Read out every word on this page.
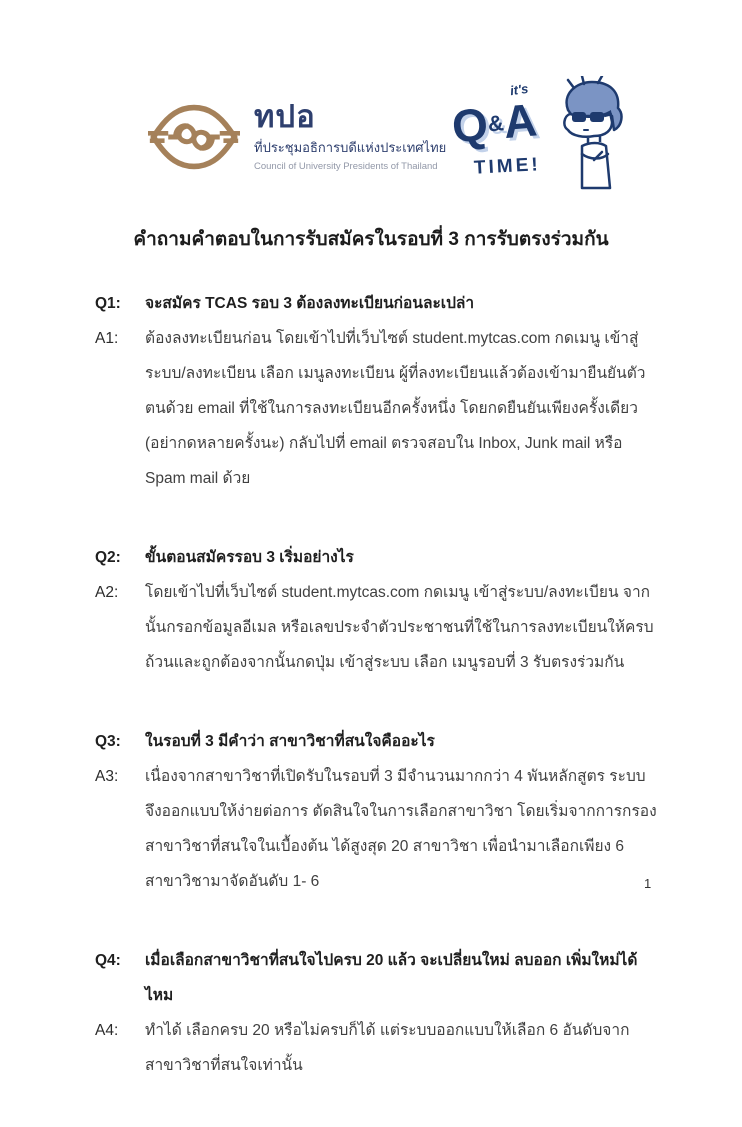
ทปอ
ที่ประชุมอธิการบดีแห่งประเทศไทย
Council of University Presidents of Thailand
it's
Q&A
TIME!
คำถามคำตอบในการรับสมัครในรอบที่ 3 การรับตรงร่วมกัน
Q1:	จะสมัคร TCAS รอบ 3 ต้องลงทะเบียนก่อนละเปล่า
A1:	ต้องลงทะเบียนก่อน โดยเข้าไปที่เว็บไซต์ student.mytcas.com กดเมนู เข้าสู่ระบบ/ลงทะเบียน เลือก เมนูลงทะเบียน ผู้ที่ลงทะเบียนแล้วต้องเข้ามายืนยันตัวตนด้วย email ที่ใช้ในการลงทะเบียนอีกครั้งหนึ่ง โดยกดยืนยันเพียงครั้งเดียว (อย่ากดหลายครั้งนะ) กลับไปที่ email ตรวจสอบใน Inbox, Junk mail หรือ Spam mail ด้วย
Q2:	ขั้นตอนสมัครรอบ 3 เริ่มอย่างไร
A2:	โดยเข้าไปที่เว็บไซต์ student.mytcas.com กดเมนู เข้าสู่ระบบ/ลงทะเบียน จากนั้นกรอกข้อมูลอีเมล หรือเลขประจำตัวประชาชนที่ใช้ในการลงทะเบียนให้ครบถ้วนและถูกต้องจากนั้นกดปุ่ม เข้าสู่ระบบ เลือก เมนูรอบที่ 3 รับตรงร่วมกัน
Q3:	ในรอบที่ 3 มีคำว่า สาขาวิชาที่สนใจคืออะไร
A3:	เนื่องจากสาขาวิชาที่เปิดรับในรอบที่ 3 มีจำนวนมากกว่า 4 พันหลักสูตร ระบบจึงออกแบบให้ง่ายต่อการ ตัดสินใจในการเลือกสาขาวิชา โดยเริ่มจากการกรอง สาขาวิชาที่สนใจในเบื้องต้น ได้สูงสุด 20 สาขาวิชา เพื่อนำมาเลือกเพียง 6 สาขาวิชามาจัดอันดับ 1- 6
Q4:	เมื่อเลือกสาขาวิชาที่สนใจไปครบ 20 แล้ว จะเปลี่ยนใหม่ ลบออก เพิ่มใหม่ได้ไหม
A4:	ทำได้ เลือกครบ 20 หรือไม่ครบก็ได้ แต่ระบบออกแบบให้เลือก 6 อันดับจากสาขาวิชาที่สนใจเท่านั้น
1
